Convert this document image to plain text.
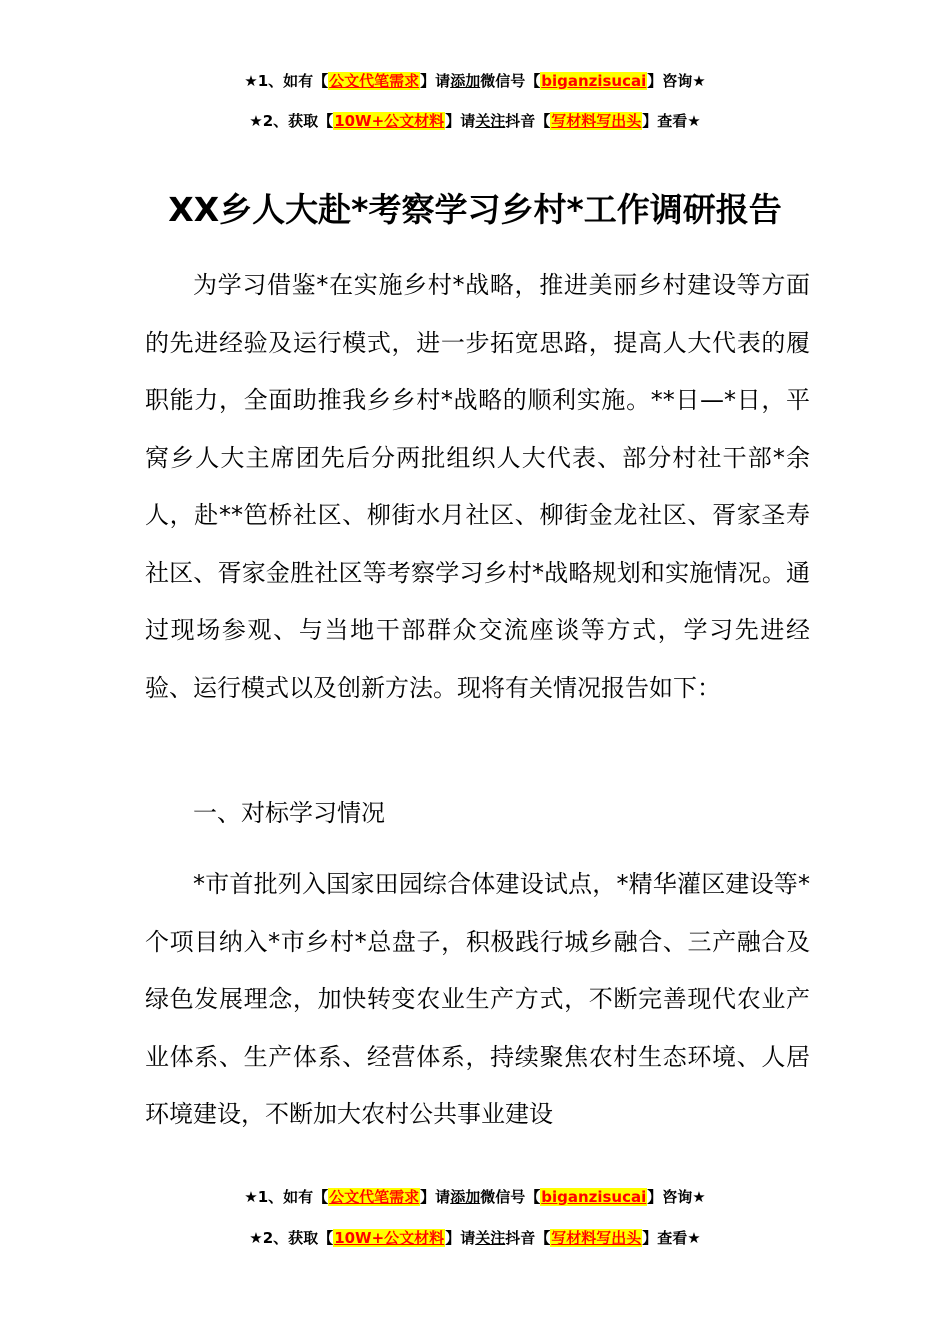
★1、如有【公文代笔需求】请添加微信号【biganzisucai】咨询★
★2、获取【10W+公文材料】请关注抖音【写材料写出头】查看★
XX乡人大赴*考察学习乡村*工作调研报告

为学习借鉴*在实施乡村*战略，推进美丽乡村建设等方面的先进经验及运行模式，进一步拓宽思路，提高人大代表的履职能力，全面助推我乡乡村*战略的顺利实施。**日—*日，平窝乡人大主席团先后分两批组织人大代表、部分村社干部*余人，赴**笆桥社区、柳街水月社区、柳街金龙社区、胥家圣寿社区、胥家金胜社区等考察学习乡村*战略规划和实施情况。通过现场参观、与当地干部群众交流座谈等方式，学习先进经验、运行模式以及创新方法。现将有关情况报告如下：

一、对标学习情况

*市首批列入国家田园综合体建设试点，*精华灌区建设等*个项目纳入*市乡村*总盘子，积极践行城乡融合、三产融合及绿色发展理念，加快转变农业生产方式，不断完善现代农业产业体系、生产体系、经营体系，持续聚焦农村生态环境、人居环境建设，不断加大农村公共事业建设

★1、如有【公文代笔需求】请添加微信号【biganzisucai】咨询★
★2、获取【10W+公文材料】请关注抖音【写材料写出头】查看★
